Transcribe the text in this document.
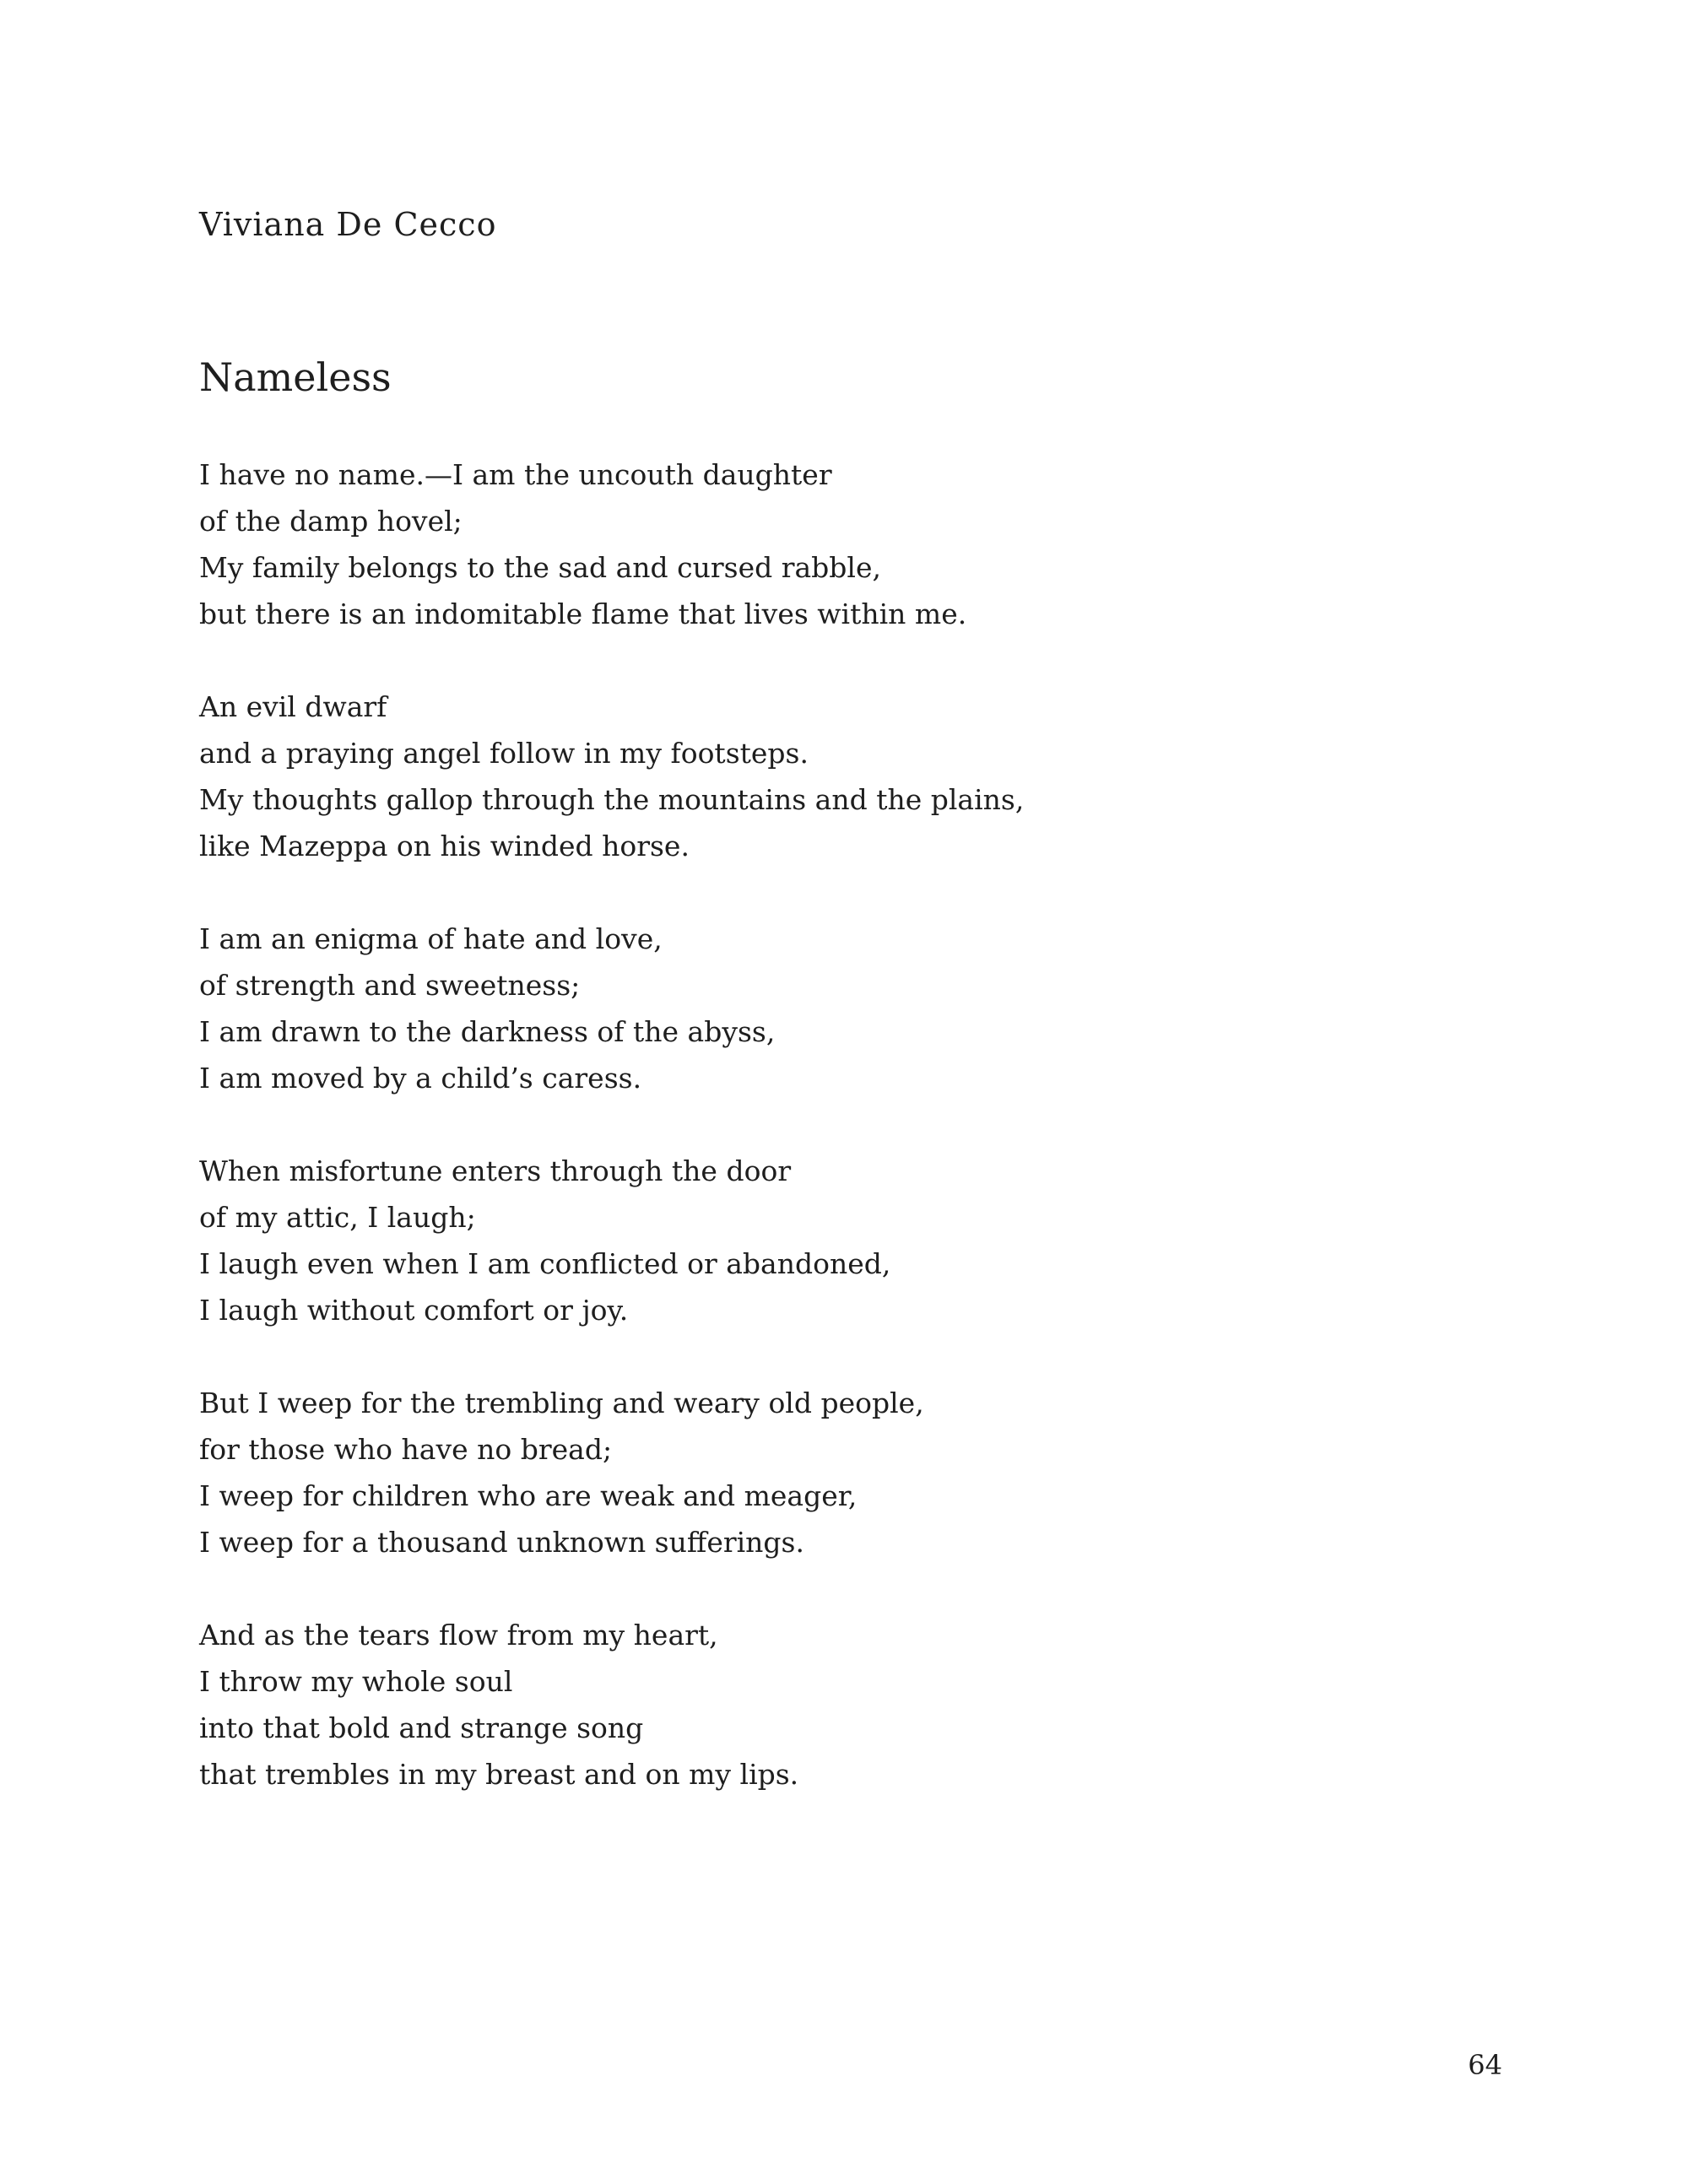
Viviana De Cecco
Nameless
I have no name.—I am the uncouth daughter
of the damp hovel;
My family belongs to the sad and cursed rabble,
but there is an indomitable flame that lives within me.
An evil dwarf
and a praying angel follow in my footsteps.
My thoughts gallop through the mountains and the plains,
like Mazeppa on his winded horse.
I am an enigma of hate and love,
of strength and sweetness;
I am drawn to the darkness of the abyss,
I am moved by a child’s caress.
When misfortune enters through the door
of my attic, I laugh;
I laugh even when I am conflicted or abandoned,
I laugh without comfort or joy.
But I weep for the trembling and weary old people,
for those who have no bread;
I weep for children who are weak and meager,
I weep for a thousand unknown sufferings.
And as the tears flow from my heart,
I throw my whole soul
into that bold and strange song
that trembles in my breast and on my lips.
64
